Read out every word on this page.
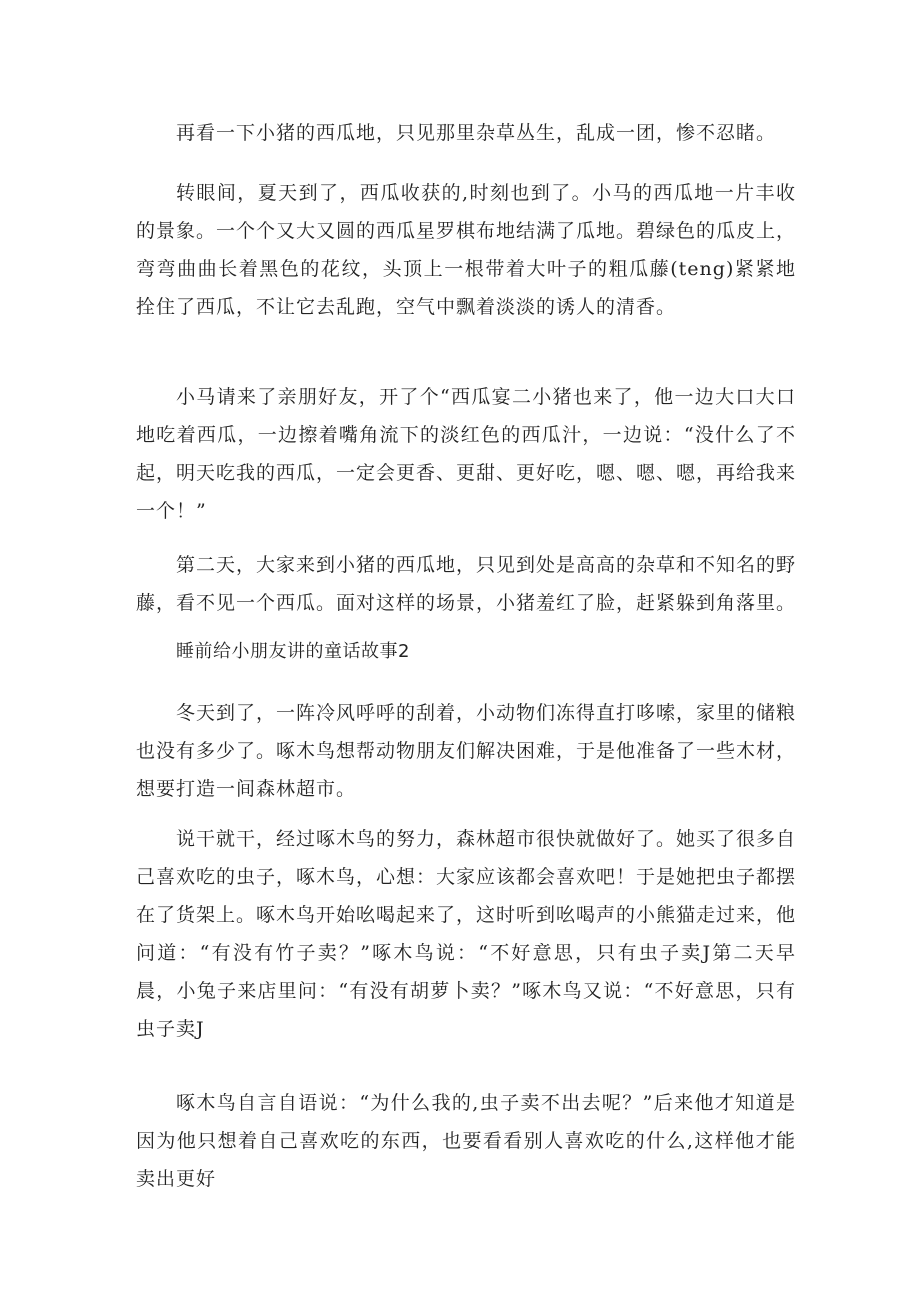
再看一下小猪的西瓜地，只见那里杂草丛生，乱成一团，惨不忍睹。

转眼间，夏天到了，西瓜收获的,时刻也到了。小马的西瓜地一片丰收的景象。一个个又大又圆的西瓜星罗棋布地结满了瓜地。碧绿色的瓜皮上，弯弯曲曲长着黑色的花纹，头顶上一根带着大叶子的粗瓜藤(teng)紧紧地拴住了西瓜，不让它去乱跑，空气中飘着淡淡的诱人的清香。

小马请来了亲朋好友，开了个“西瓜宴二小猪也来了，他一边大口大口地吃着西瓜，一边擦着嘴角流下的淡红色的西瓜汁，一边说：“没什么了不起，明天吃我的西瓜，一定会更香、更甜、更好吃，嗯、嗯、嗯，再给我来一个！”

第二天，大家来到小猪的西瓜地，只见到处是高高的杂草和不知名的野藤，看不见一个西瓜。面对这样的场景，小猪羞红了脸，赶紧躲到角落里。

睡前给小朋友讲的童话故事2

冬天到了，一阵冷风呼呼的刮着，小动物们冻得直打哆嗦，家里的储粮也没有多少了。啄木鸟想帮动物朋友们解决困难，于是他准备了一些木材，想要打造一间森林超市。

说干就干，经过啄木鸟的努力，森林超市很快就做好了。她买了很多自己喜欢吃的虫子，啄木鸟，心想：大家应该都会喜欢吧！于是她把虫子都摆在了货架上。啄木鸟开始吆喝起来了，这时听到吆喝声的小熊猫走过来，他问道：“有没有竹子卖？”啄木鸟说：“不好意思，只有虫子卖J第二天早晨，小兔子来店里问：“有没有胡萝卜卖？”啄木鸟又说：“不好意思，只有虫子卖J

啄木鸟自言自语说：“为什么我的,虫子卖不出去呢？”后来他才知道是因为他只想着自己喜欢吃的东西，也要看看别人喜欢吃的什么,这样他才能卖出更好
